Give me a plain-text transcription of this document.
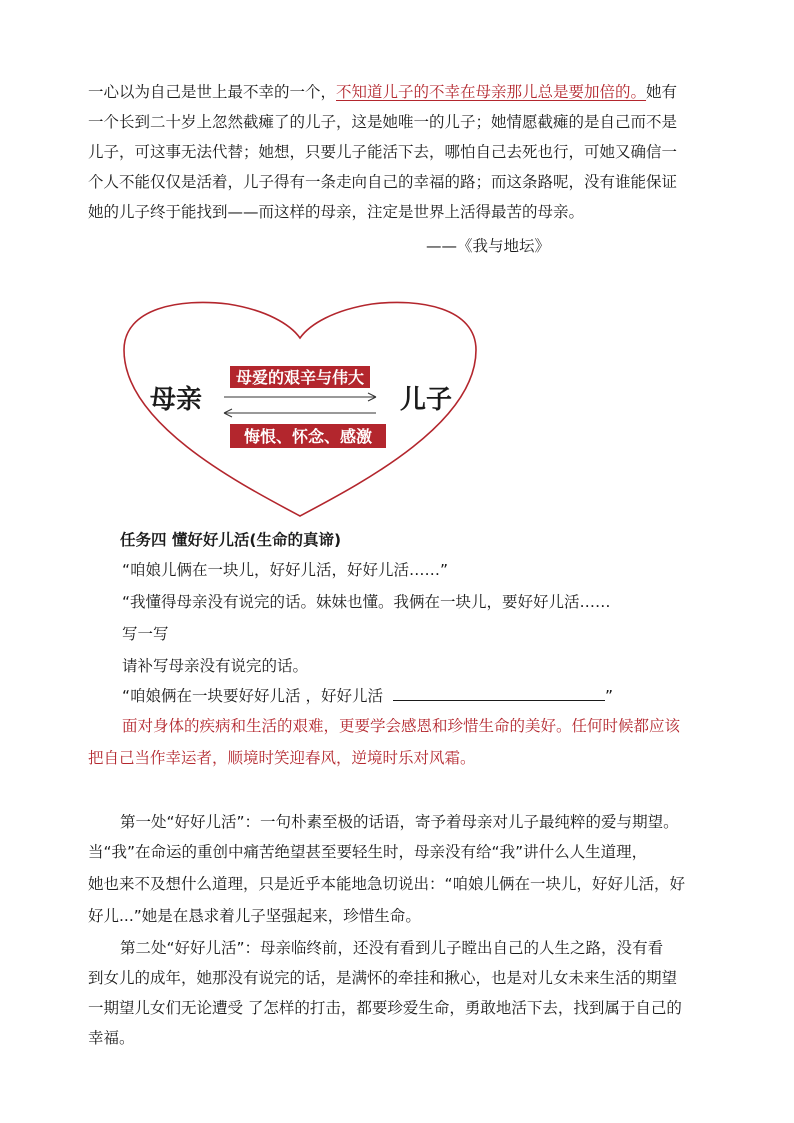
一心以为自己是世上最不幸的一个，不知道儿子的不幸在母亲那儿总是要加倍的。她有
一个长到二十岁上忽然截瘫了的儿子，这是她唯一的儿子；她情愿截瘫的是自己而不是
儿子，可这事无法代替；她想，只要儿子能活下去，哪怕自己去死也行，可她又确信一
个人不能仅仅是活着，儿子得有一条走向自己的幸福的路；而这条路呢，没有谁能保证
她的儿子终于能找到——而这样的母亲，注定是世界上活得最苦的母亲。
——《我与地坛》
母爱的艰辛与伟大
悔恨、怀念、感激
母亲	儿子
任务四 懂好好儿活(生命的真谛)
“咱娘儿俩在一块儿，好好儿活，好好儿活……”
“我懂得母亲没有说完的话。妹妹也懂。我俩在一块儿，要好好儿活……
写一写
请补写母亲没有说完的话。
“咱娘俩在一块要好好儿活 ，好好儿活	”
面对身体的疾病和生活的艰难，更要学会感恩和珍惜生命的美好。任何时候都应该
把自己当作幸运者，顺境时笑迎春风，逆境时乐对风霜。
第一处“好好儿活”：一句朴素至极的话语，寄予着母亲对儿子最纯粹的爱与期望。
当“我”在命运的重创中痛苦绝望甚至要轻生时，母亲没有给“我”讲什么人生道理，
她也来不及想什么道理，只是近乎本能地急切说出：“咱娘儿俩在一块儿，好好儿活，好
好儿...”她是在恳求着儿子坚强起来，珍惜生命。
第二处“好好儿活”：母亲临终前，还没有看到儿子瞠出自己的人生之路，没有看
到女儿的成年，她那没有说完的话，是满怀的牵挂和揪心，也是对儿女未来生活的期望
一期望儿女们无论遭受 了怎样的打击，都要珍爱生命，勇敢地活下去，找到属于自己的
幸福。
